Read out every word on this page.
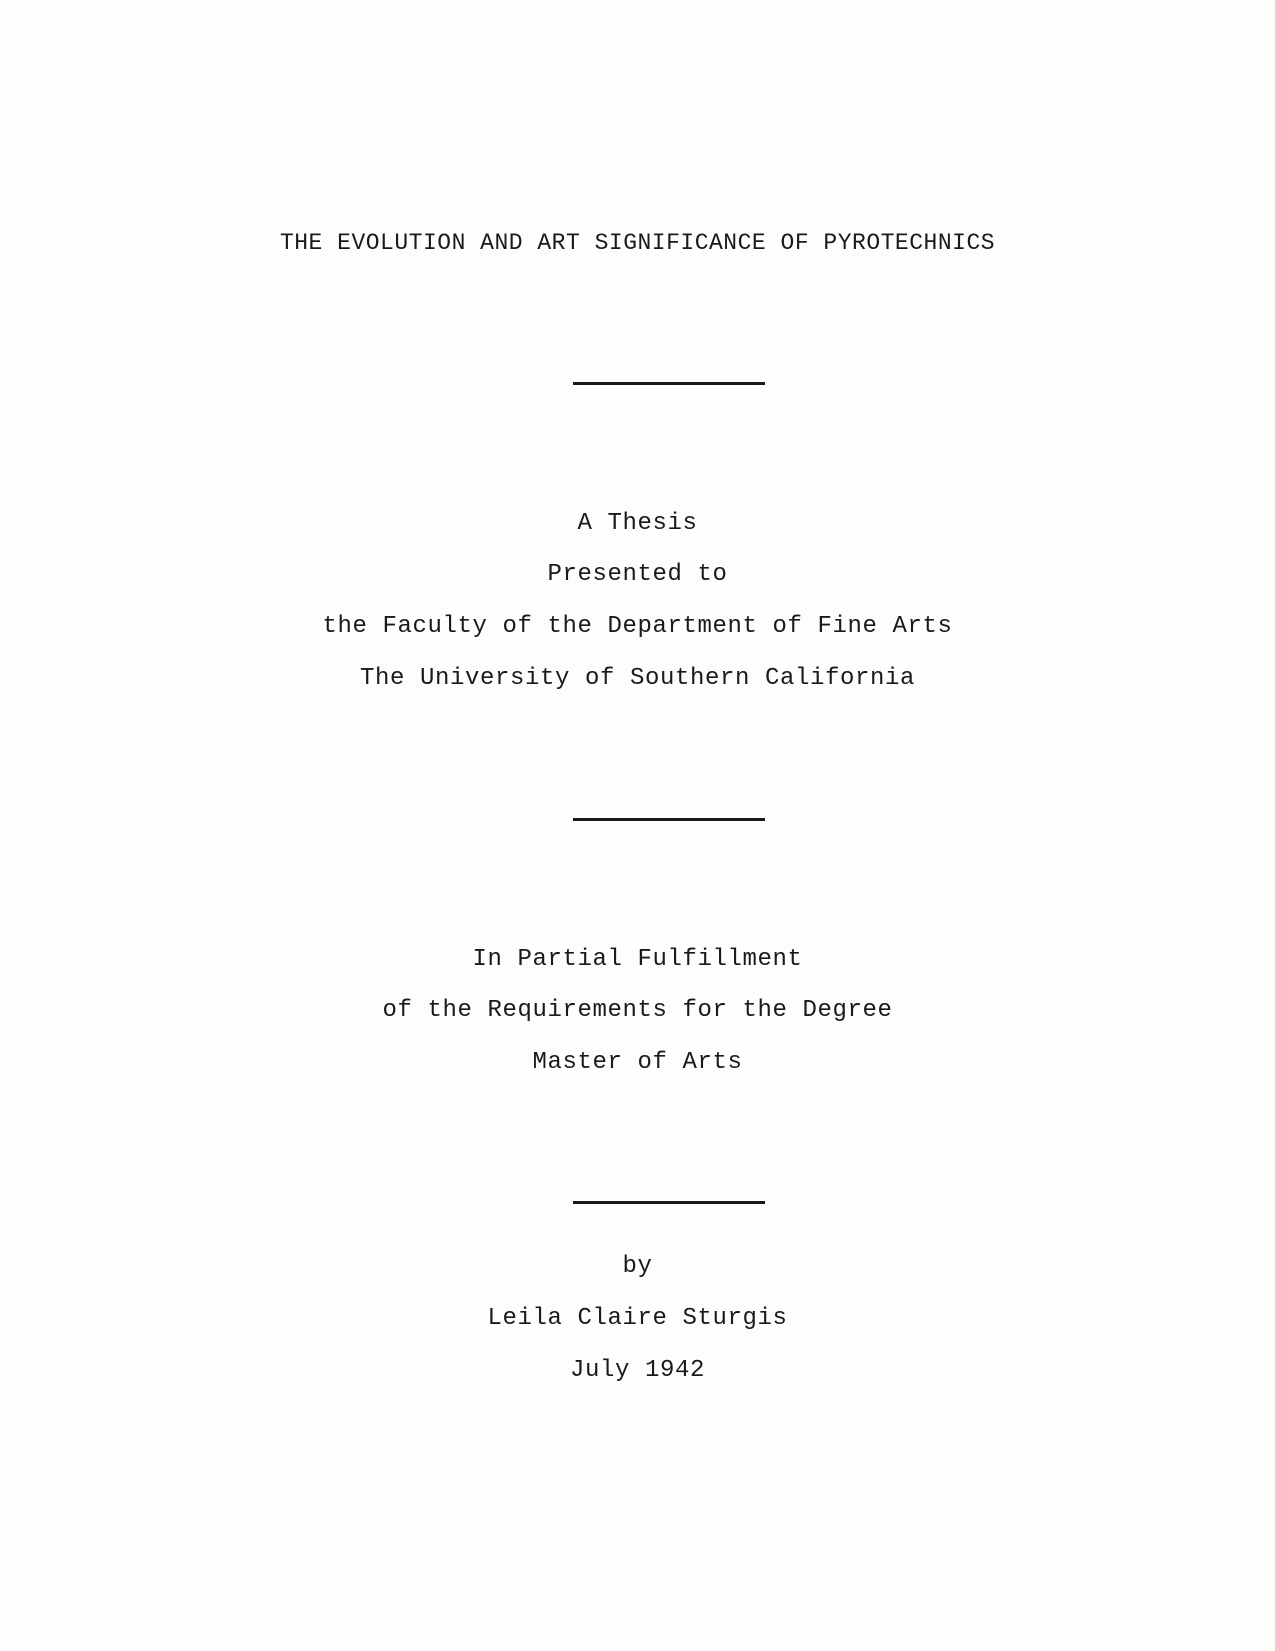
THE EVOLUTION AND ART SIGNIFICANCE OF PYROTECHNICS
A Thesis
Presented to
the Faculty of the Department of Fine Arts
The University of Southern California
In Partial Fulfillment
of the Requirements for the Degree
Master of Arts
by
Leila Claire Sturgis
July 1942
